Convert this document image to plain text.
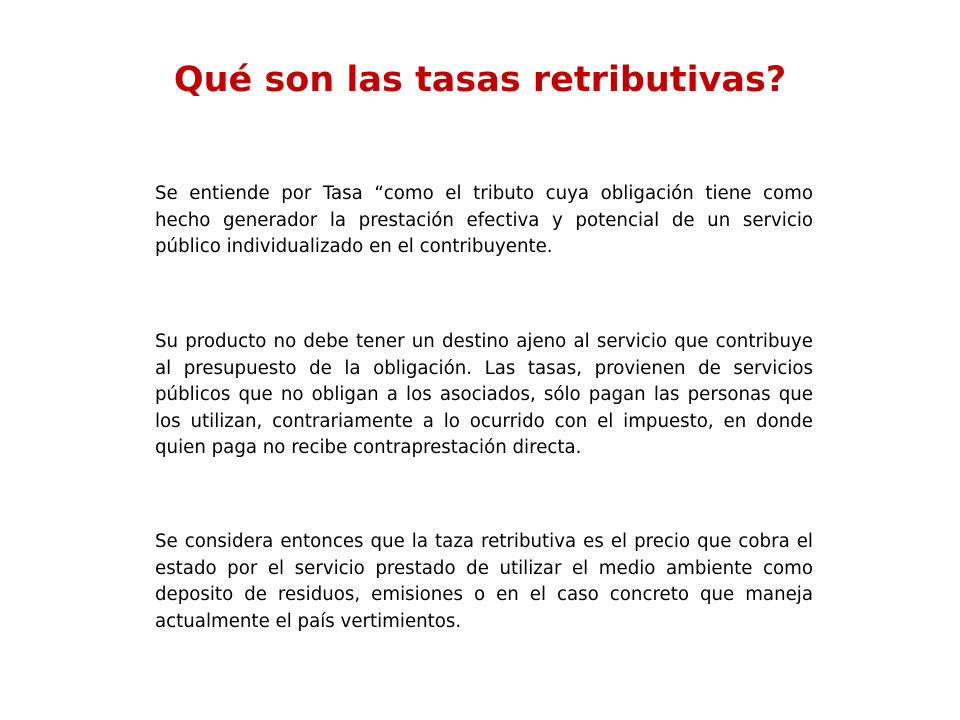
Qué son las tasas retributivas?

Se entiende por Tasa “como el tributo cuya obligación tiene como hecho generador la prestación efectiva y potencial de un servicio público individualizado en el contribuyente.

Su producto no debe tener un destino ajeno al servicio que contribuye al presupuesto de la obligación. Las tasas, provienen de servicios públicos que no obligan a los asociados, sólo pagan las personas que los utilizan, contrariamente a lo ocurrido con el impuesto, en donde quien paga no recibe contraprestación directa.

Se considera entonces que la taza retributiva es el precio que cobra el estado por el servicio prestado de utilizar el medio ambiente como deposito de residuos, emisiones o en el caso concreto que maneja actualmente el país vertimientos.
